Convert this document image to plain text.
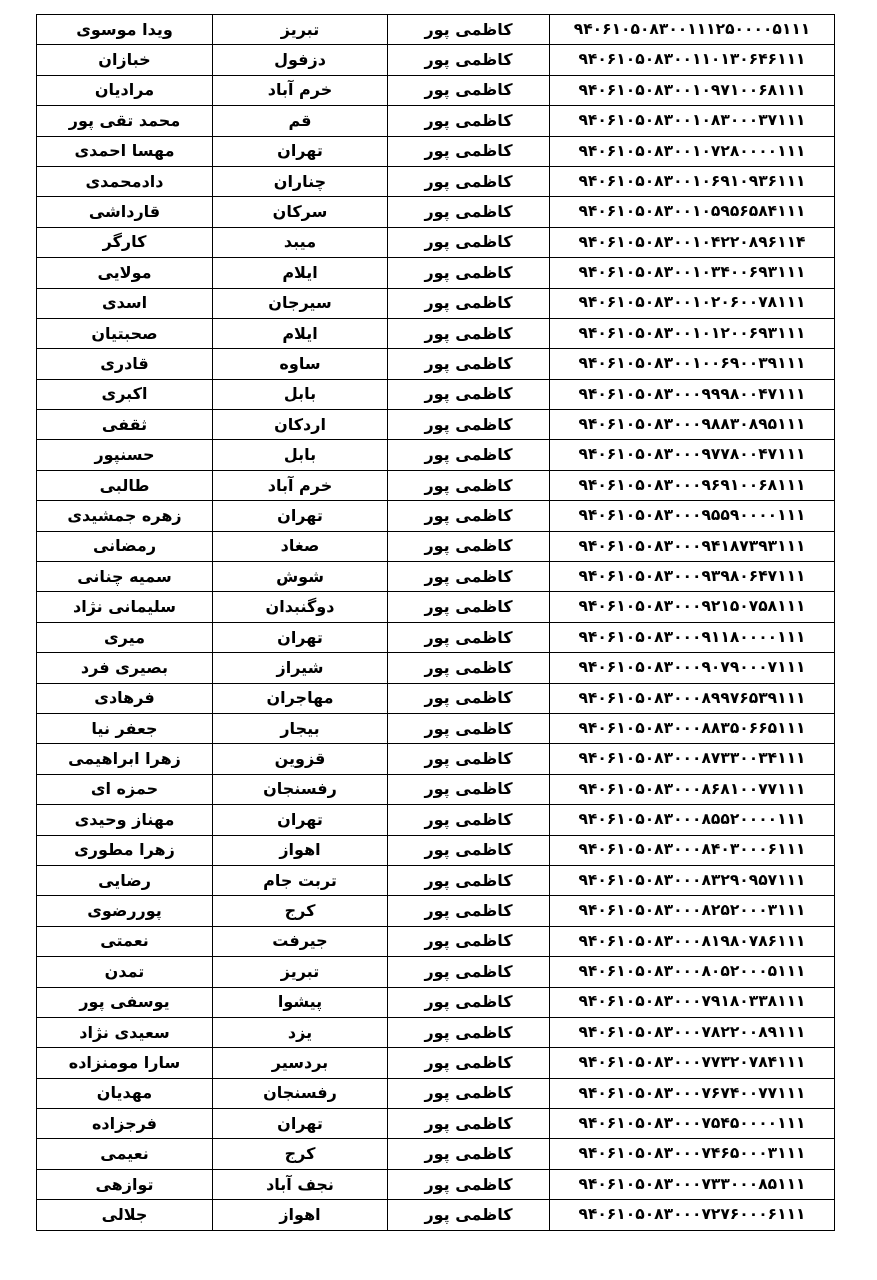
۹۴۰۶۱۰۵۰۸۳۰۰۱۱۱۲۵۰۰۰۰۵۱۱۱	کاظمی پور	تبریز	ویدا موسوی
۹۴۰۶۱۰۵۰۸۳۰۰۱۱۰۱۳۰۶۴۶۱۱۱	کاظمی پور	دزفول	خبازان
۹۴۰۶۱۰۵۰۸۳۰۰۱۰۹۷۱۰۰۶۸۱۱۱	کاظمی پور	خرم آباد	مرادیان
۹۴۰۶۱۰۵۰۸۳۰۰۱۰۸۳۰۰۰۳۷۱۱۱	کاظمی پور	قم	محمد تقی پور
۹۴۰۶۱۰۵۰۸۳۰۰۱۰۷۲۸۰۰۰۰۱۱۱	کاظمی پور	تهران	مهسا احمدی
۹۴۰۶۱۰۵۰۸۳۰۰۱۰۶۹۱۰۹۳۶۱۱۱	کاظمی پور	چناران	دادمحمدی
۹۴۰۶۱۰۵۰۸۳۰۰۱۰۵۹۵۶۵۸۴۱۱۱	کاظمی پور	سرکان	قارداشی
۹۴۰۶۱۰۵۰۸۳۰۰۱۰۴۲۲۰۸۹۶۱۱۴	کاظمی پور	میبد	کارگر
۹۴۰۶۱۰۵۰۸۳۰۰۱۰۳۴۰۰۶۹۳۱۱۱	کاظمی پور	ایلام	مولایی
۹۴۰۶۱۰۵۰۸۳۰۰۱۰۲۰۶۰۰۷۸۱۱۱	کاظمی پور	سیرجان	اسدی
۹۴۰۶۱۰۵۰۸۳۰۰۱۰۱۲۰۰۶۹۳۱۱۱	کاظمی پور	ایلام	صحبتیان
۹۴۰۶۱۰۵۰۸۳۰۰۱۰۰۶۹۰۰۳۹۱۱۱	کاظمی پور	ساوه	قادری
۹۴۰۶۱۰۵۰۸۳۰۰۰۹۹۹۸۰۰۴۷۱۱۱	کاظمی پور	بابل	اکبری
۹۴۰۶۱۰۵۰۸۳۰۰۰۹۸۸۳۰۸۹۵۱۱۱	کاظمی پور	اردکان	ثقفی
۹۴۰۶۱۰۵۰۸۳۰۰۰۹۷۷۸۰۰۴۷۱۱۱	کاظمی پور	بابل	حسنپور
۹۴۰۶۱۰۵۰۸۳۰۰۰۹۶۹۱۰۰۶۸۱۱۱	کاظمی پور	خرم آباد	طالبی
۹۴۰۶۱۰۵۰۸۳۰۰۰۹۵۵۹۰۰۰۰۱۱۱	کاظمی پور	تهران	زهره جمشیدی
۹۴۰۶۱۰۵۰۸۳۰۰۰۹۴۱۸۷۳۹۳۱۱۱	کاظمی پور	صغاد	رمضانی
۹۴۰۶۱۰۵۰۸۳۰۰۰۹۳۹۸۰۶۴۷۱۱۱	کاظمی پور	شوش	سمیه چنانی
۹۴۰۶۱۰۵۰۸۳۰۰۰۹۲۱۵۰۷۵۸۱۱۱	کاظمی پور	دوگنبدان	سلیمانی نژاد
۹۴۰۶۱۰۵۰۸۳۰۰۰۹۱۱۸۰۰۰۰۱۱۱	کاظمی پور	تهران	میری
۹۴۰۶۱۰۵۰۸۳۰۰۰۹۰۷۹۰۰۰۷۱۱۱	کاظمی پور	شیراز	بصیری فرد
۹۴۰۶۱۰۵۰۸۳۰۰۰۸۹۹۷۶۵۳۹۱۱۱	کاظمی پور	مهاجران	فرهادی
۹۴۰۶۱۰۵۰۸۳۰۰۰۸۸۳۵۰۶۶۵۱۱۱	کاظمی پور	بیجار	جعفر نیا
۹۴۰۶۱۰۵۰۸۳۰۰۰۸۷۳۳۰۰۳۴۱۱۱	کاظمی پور	قزوین	زهرا ابراهیمی
۹۴۰۶۱۰۵۰۸۳۰۰۰۸۶۸۱۰۰۷۷۱۱۱	کاظمی پور	رفسنجان	حمزه ای
۹۴۰۶۱۰۵۰۸۳۰۰۰۸۵۵۲۰۰۰۰۱۱۱	کاظمی پور	تهران	مهناز وحیدی
۹۴۰۶۱۰۵۰۸۳۰۰۰۸۴۰۳۰۰۰۶۱۱۱	کاظمی پور	اهواز	زهرا مطوری
۹۴۰۶۱۰۵۰۸۳۰۰۰۸۳۲۹۰۹۵۷۱۱۱	کاظمی پور	تربت جام	رضایی
۹۴۰۶۱۰۵۰۸۳۰۰۰۸۲۵۲۰۰۰۳۱۱۱	کاظمی پور	کرج	پوررضوی
۹۴۰۶۱۰۵۰۸۳۰۰۰۸۱۹۸۰۷۸۶۱۱۱	کاظمی پور	جیرفت	نعمتی
۹۴۰۶۱۰۵۰۸۳۰۰۰۸۰۵۲۰۰۰۵۱۱۱	کاظمی پور	تبریز	تمدن
۹۴۰۶۱۰۵۰۸۳۰۰۰۷۹۱۸۰۳۳۸۱۱۱	کاظمی پور	پیشوا	یوسفی پور
۹۴۰۶۱۰۵۰۸۳۰۰۰۷۸۲۲۰۰۸۹۱۱۱	کاظمی پور	یزد	سعیدی نژاد
۹۴۰۶۱۰۵۰۸۳۰۰۰۷۷۳۲۰۷۸۴۱۱۱	کاظمی پور	بردسیر	سارا مومنزاده
۹۴۰۶۱۰۵۰۸۳۰۰۰۷۶۷۴۰۰۷۷۱۱۱	کاظمی پور	رفسنجان	مهدیان
۹۴۰۶۱۰۵۰۸۳۰۰۰۷۵۴۵۰۰۰۰۱۱۱	کاظمی پور	تهران	فرجزاده
۹۴۰۶۱۰۵۰۸۳۰۰۰۷۴۶۵۰۰۰۳۱۱۱	کاظمی پور	کرج	نعیمی
۹۴۰۶۱۰۵۰۸۳۰۰۰۷۳۳۰۰۰۸۵۱۱۱	کاظمی پور	نجف آباد	توازهی
۹۴۰۶۱۰۵۰۸۳۰۰۰۷۲۷۶۰۰۰۶۱۱۱	کاظمی پور	اهواز	جلالی
